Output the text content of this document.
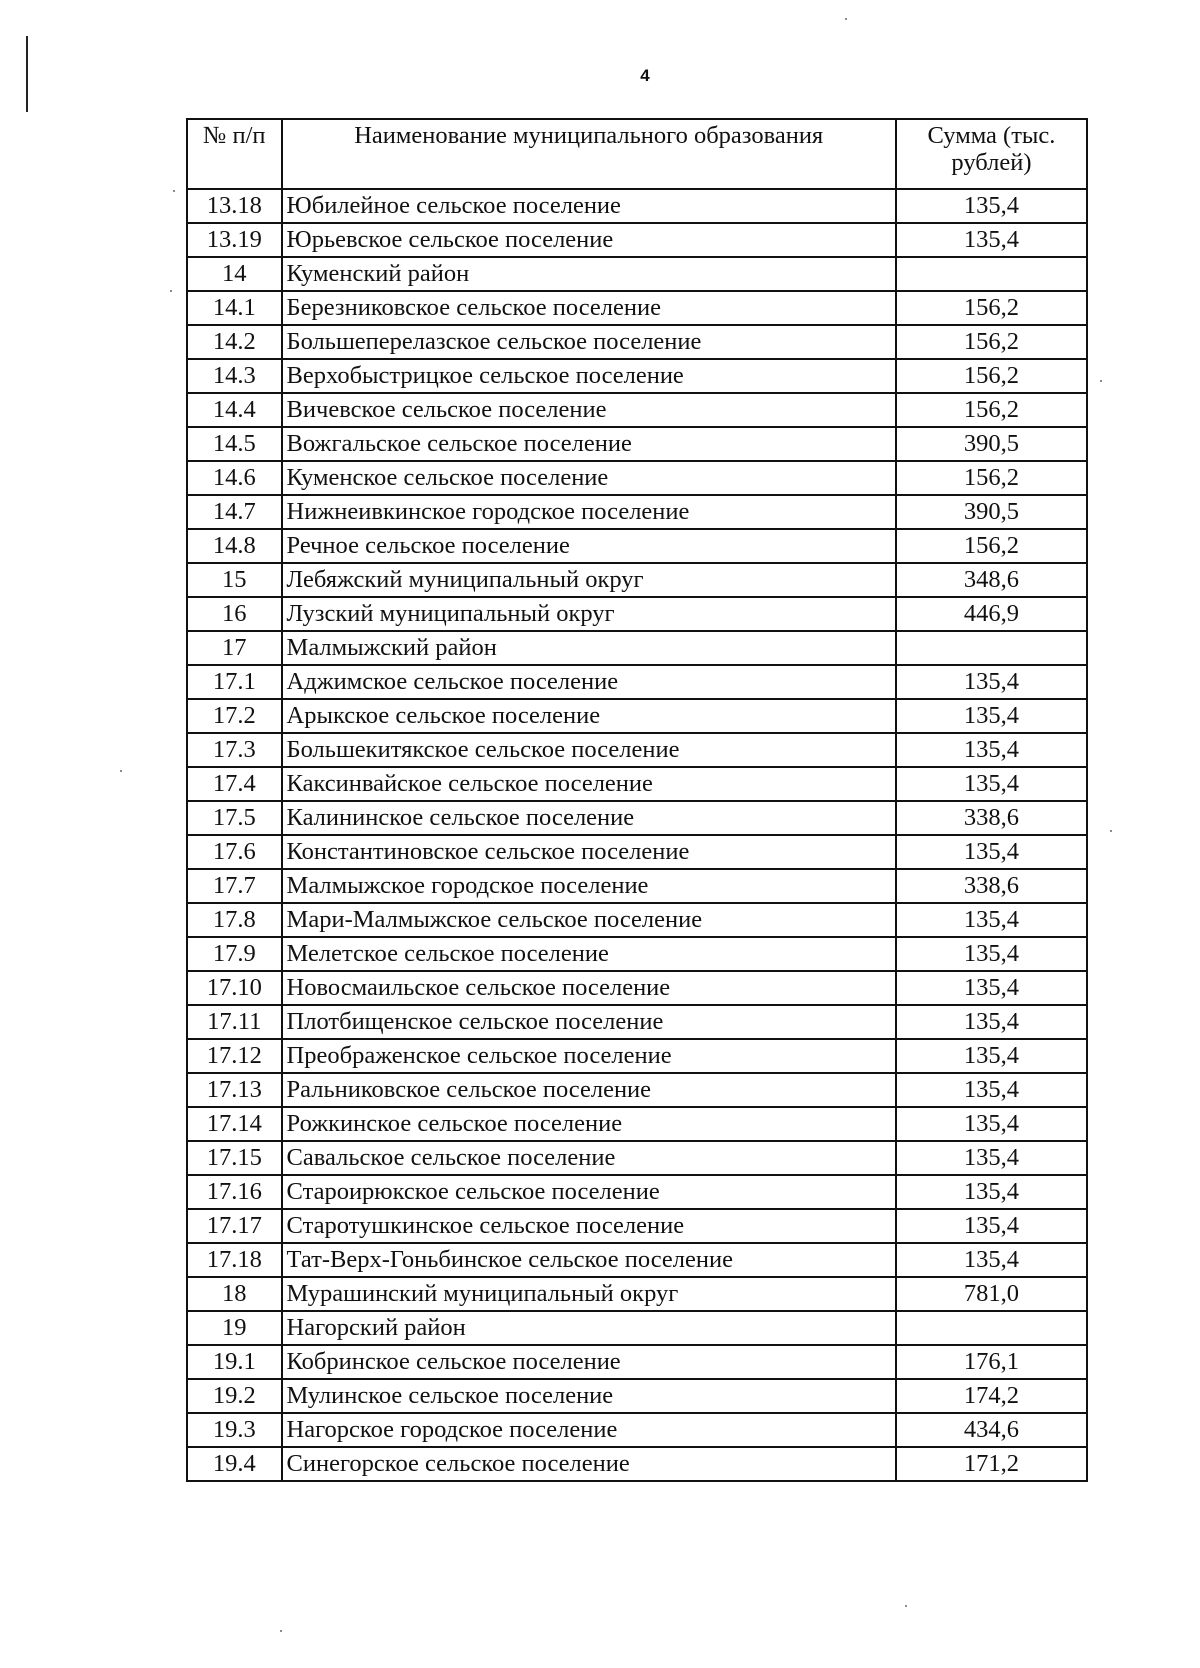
4
№ п/п	Наименование муниципального образования	Сумма (тыс. рублей)
13.18	Юбилейное сельское поселение	135,4
13.19	Юрьевское сельское поселение	135,4
14	Куменский район	
14.1	Березниковское сельское поселение	156,2
14.2	Большеперелазское сельское поселение	156,2
14.3	Верхобыстрицкое сельское поселение	156,2
14.4	Вичевское сельское поселение	156,2
14.5	Вожгальское сельское поселение	390,5
14.6	Куменское сельское поселение	156,2
14.7	Нижнеивкинское городское поселение	390,5
14.8	Речное сельское поселение	156,2
15	Лебяжский муниципальный округ	348,6
16	Лузский муниципальный округ	446,9
17	Малмыжский район	
17.1	Аджимское сельское поселение	135,4
17.2	Арыкское сельское поселение	135,4
17.3	Большекитякское сельское поселение	135,4
17.4	Каксинвайское сельское поселение	135,4
17.5	Калининское сельское поселение	338,6
17.6	Константиновское сельское поселение	135,4
17.7	Малмыжское городское поселение	338,6
17.8	Мари-Малмыжское сельское поселение	135,4
17.9	Мелетское сельское поселение	135,4
17.10	Новосмаильское сельское поселение	135,4
17.11	Плотбищенское сельское поселение	135,4
17.12	Преображенское сельское поселение	135,4
17.13	Ральниковское сельское поселение	135,4
17.14	Рожкинское сельское поселение	135,4
17.15	Савальское сельское поселение	135,4
17.16	Староирюкское сельское поселение	135,4
17.17	Старотушкинское сельское поселение	135,4
17.18	Тат-Верх-Гоньбинское сельское поселение	135,4
18	Мурашинский муниципальный округ	781,0
19	Нагорский район	
19.1	Кобринское сельское поселение	176,1
19.2	Мулинское сельское поселение	174,2
19.3	Нагорское городское поселение	434,6
19.4	Синегорское сельское поселение	171,2
